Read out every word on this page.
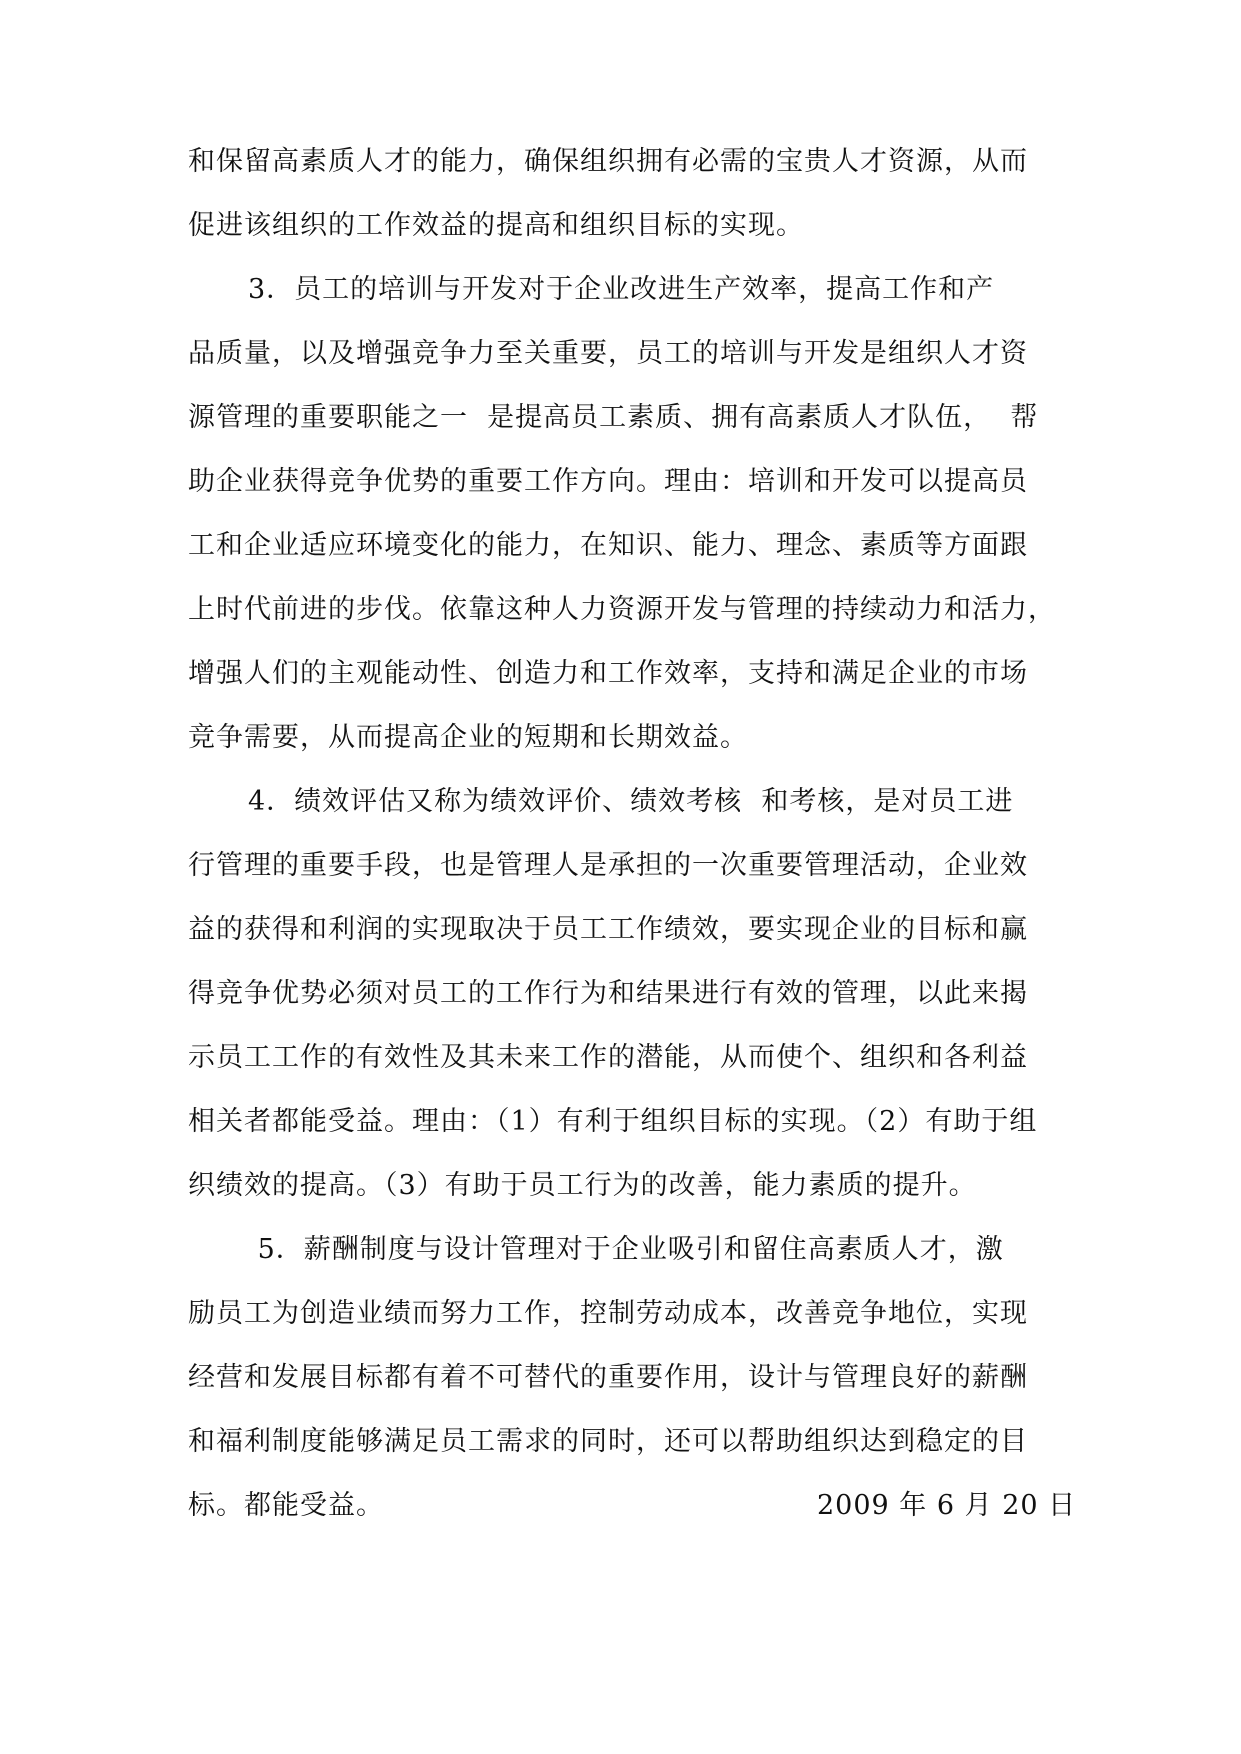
和保留高素质人才的能力，确保组织拥有必需的宝贵人才资源，从而
促进该组织的工作效益的提高和组织目标的实现。
3．员工的培训与开发对于企业改进生产效率，提高工作和产
品质量，以及增强竞争力至关重要，员工的培训与开发是组织人才资
源管理的重要职能之一  是提高员工素质、拥有高素质人才队伍，  帮
助企业获得竞争优势的重要工作方向。理由：培训和开发可以提高员
工和企业适应环境变化的能力，在知识、能力、理念、素质等方面跟
上时代前进的步伐。依靠这种人力资源开发与管理的持续动力和活力，
增强人们的主观能动性、创造力和工作效率，支持和满足企业的市场
竞争需要，从而提高企业的短期和长期效益。
4．绩效评估又称为绩效评价、绩效考核  和考核，是对员工进
行管理的重要手段，也是管理人是承担的一次重要管理活动，企业效
益的获得和利润的实现取决于员工工作绩效，要实现企业的目标和赢
得竞争优势必须对员工的工作行为和结果进行有效的管理，以此来揭
示员工工作的有效性及其未来工作的潜能，从而使个、组织和各利益
相关者都能受益。理由：（1）有利于组织目标的实现。（2）有助于组
织绩效的提高。（3）有助于员工行为的改善，能力素质的提升。
5．薪酬制度与设计管理对于企业吸引和留住高素质人才，激
励员工为创造业绩而努力工作，控制劳动成本，改善竞争地位，实现
经营和发展目标都有着不可替代的重要作用，设计与管理良好的薪酬
和福利制度能够满足员工需求的同时，还可以帮助组织达到稳定的目
标。都能受益。	2009 年 6 月 20 日
